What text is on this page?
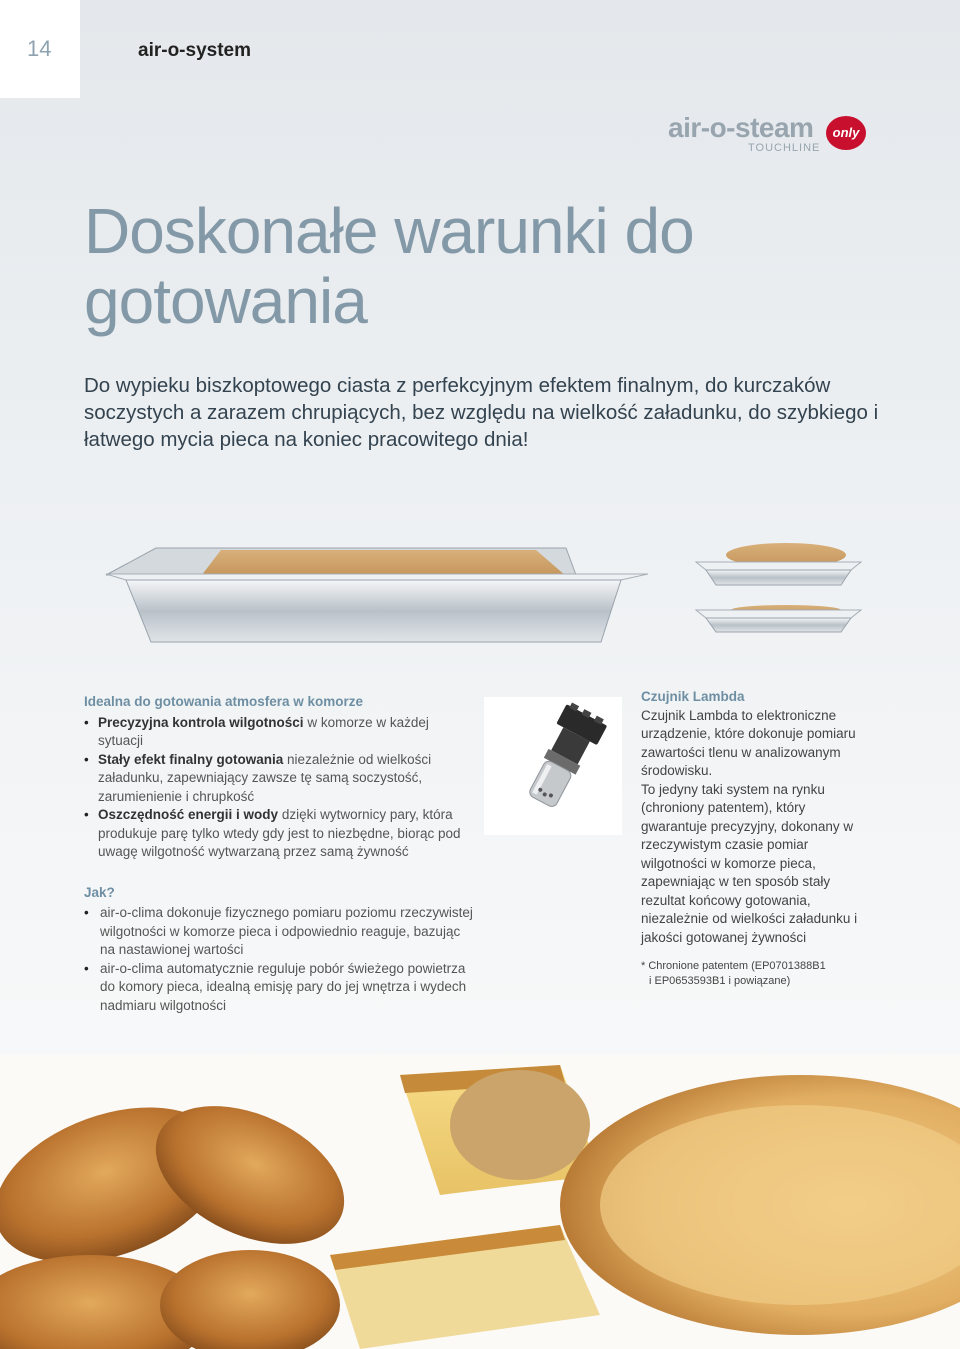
14	air-o-system
air-o-steam
TOUCHLINE
only
Doskonałe warunki do gotowania

Do wypieku biszkoptowego ciasta z perfekcyjnym efektem finalnym, do kurczaków soczystych a zarazem chrupiących, bez względu na wielkość załadunku, do szybkiego i łatwego mycia pieca na koniec pracowitego dnia!

Idealna do gotowania atmosfera w komorze
• Precyzyjna kontrola wilgotności w komorze w każdej sytuacji
• Stały efekt finalny gotowania niezależnie od wielkości załadunku, zapewniający zawsze tę samą soczystość, zarumienienie i chrupkość
• Oszczędność energii i wody dzięki wytwornicy pary, która produkuje parę tylko wtedy gdy jest to niezbędne, biorąc pod uwagę wilgotność wytwarzaną przez samą żywność
Jak?
• air-o-clima dokonuje fizycznego pomiaru poziomu rzeczywistej wilgotności w komorze pieca i odpowiednio reaguje, bazując na nastawionej wartości
• air-o-clima automatycznie reguluje pobór świeżego powietrza do komory pieca, idealną emisję pary do jej wnętrza i wydech nadmiaru wilgotności
Czujnik Lambda
Czujnik Lambda to elektroniczne urządzenie, które dokonuje pomiaru zawartości tlenu w analizowanym środowisku.
To jedyny taki system na rynku (chroniony patentem), który gwarantuje precyzyjny, dokonany w rzeczywistym czasie pomiar wilgotności w komorze pieca, zapewniając w ten sposób stały rezultat końcowy gotowania, niezależnie od wielkości załadunku i jakości gotowanej żywności
* Chronione patentem (EP0701388B1
i EP0653593B1 i powiązane)
